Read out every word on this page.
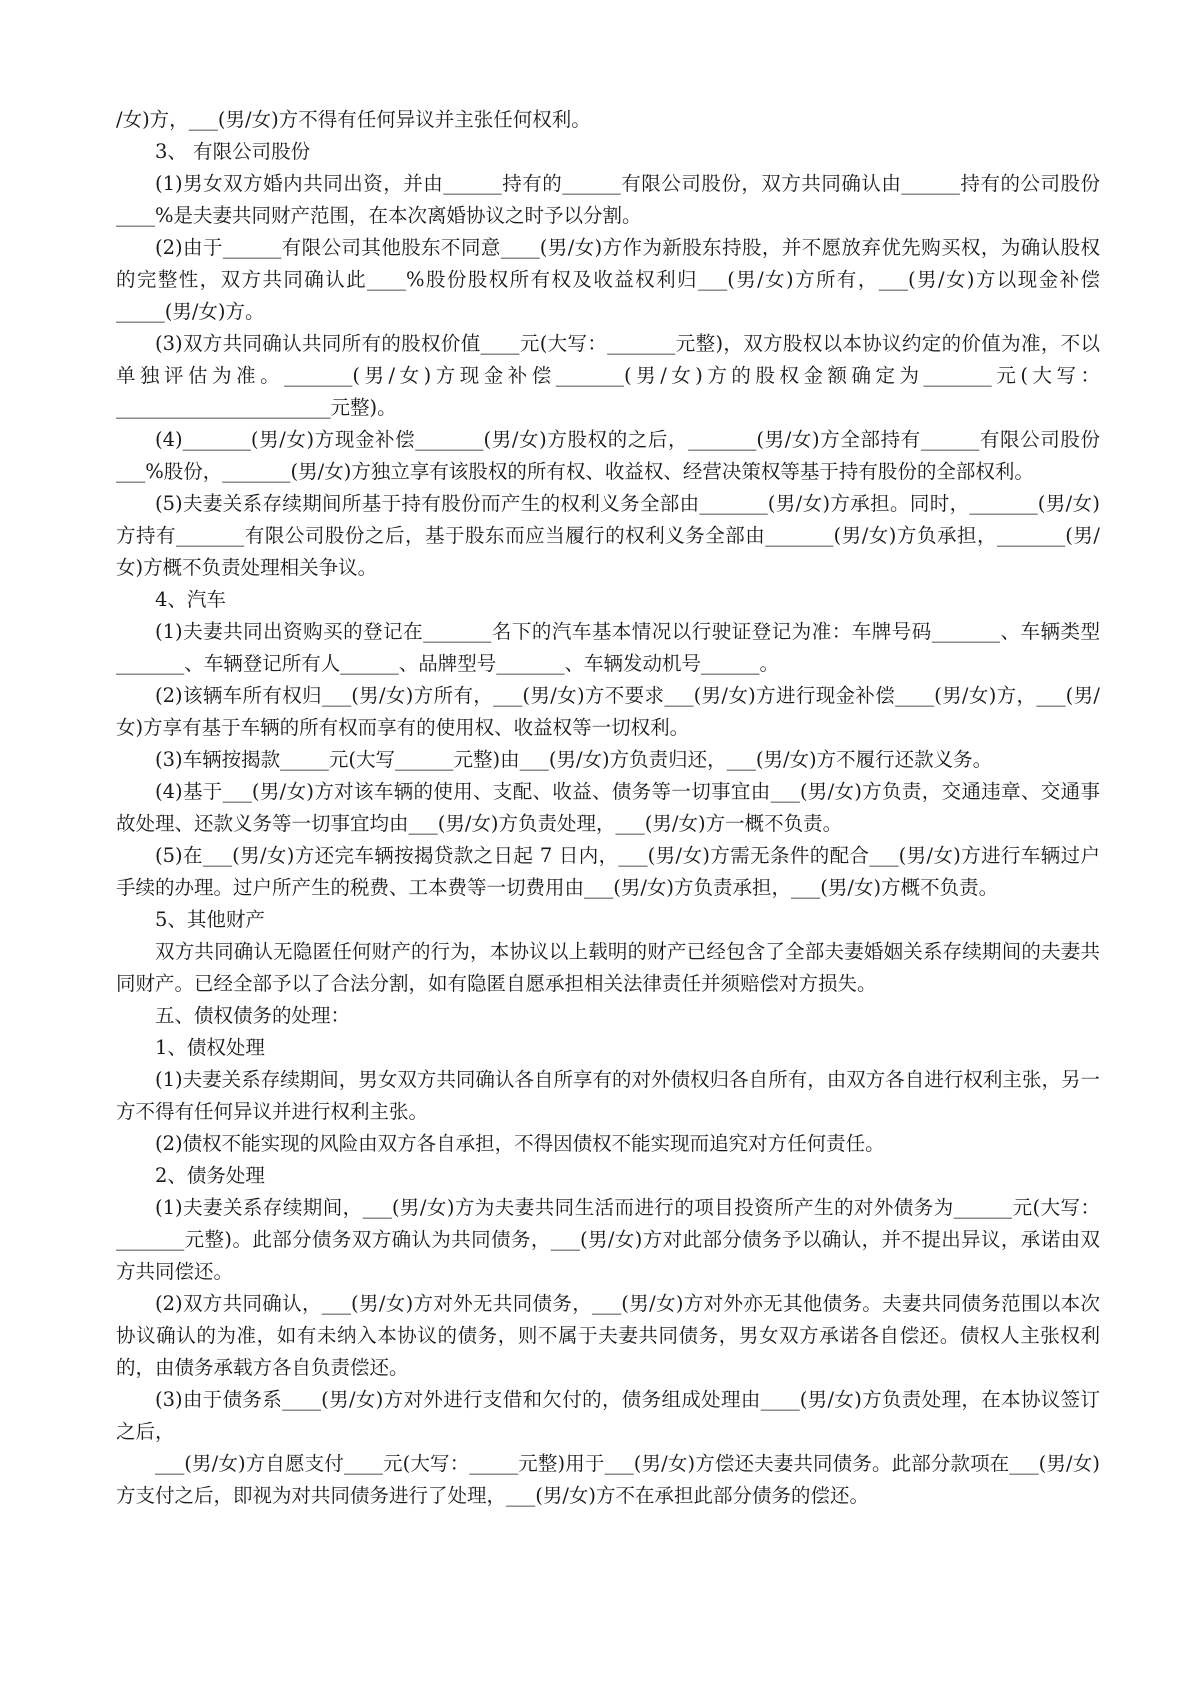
/女)方，___(男/女)方不得有任何异议并主张任何权利。

3、 有限公司股份

(1)男女双方婚内共同出资，并由______持有的______有限公司股份，双方共同确认由______持有的公司股份____%是夫妻共同财产范围，在本次离婚协议之时予以分割。

(2)由于______有限公司其他股东不同意____(男/女)方作为新股东持股，并不愿放弃优先购买权，为确认股权的完整性，双方共同确认此____%股份股权所有权及收益权利归___(男/女)方所有，___(男/女)方以现金补偿_____(男/女)方。

(3)双方共同确认共同所有的股权价值____元(大写：_______元整)，双方股权以本协议约定的价值为准，不以单独评估为准。_______(男/女)方现金补偿_______(男/女)方的股权金额确定为_______元(大写：______________________元整)。

(4)_______(男/女)方现金补偿_______(男/女)方股权的之后，_______(男/女)方全部持有______有限公司股份___%股份，_______(男/女)方独立享有该股权的所有权、收益权、经营决策权等基于持有股份的全部权利。

(5)夫妻关系存续期间所基于持有股份而产生的权利义务全部由_______(男/女)方承担。同时，_______(男/女)方持有_______有限公司股份之后，基于股东而应当履行的权利义务全部由_______(男/女)方负承担，_______(男/女)方概不负责处理相关争议。

4、汽车

(1)夫妻共同出资购买的登记在_______名下的汽车基本情况以行驶证登记为准：车牌号码_______、车辆类型_______、车辆登记所有人______、品牌型号_______、车辆发动机号______。

(2)该辆车所有权归___(男/女)方所有，___(男/女)方不要求___(男/女)方进行现金补偿____(男/女)方，___(男/女)方享有基于车辆的所有权而享有的使用权、收益权等一切权利。

(3)车辆按揭款_____元(大写______元整)由___(男/女)方负责归还，___(男/女)方不履行还款义务。

(4)基于___(男/女)方对该车辆的使用、支配、收益、债务等一切事宜由___(男/女)方负责，交通违章、交通事故处理、还款义务等一切事宜均由___(男/女)方负责处理，___(男/女)方一概不负责。

(5)在___(男/女)方还完车辆按揭贷款之日起 7 日内，___(男/女)方需无条件的配合___(男/女)方进行车辆过户手续的办理。过户所产生的税费、工本费等一切费用由___(男/女)方负责承担，___(男/女)方概不负责。

5、其他财产

双方共同确认无隐匿任何财产的行为，本协议以上载明的财产已经包含了全部夫妻婚姻关系存续期间的夫妻共同财产。已经全部予以了合法分割，如有隐匿自愿承担相关法律责任并须赔偿对方损失。

五、债权债务的处理：

1、债权处理

(1)夫妻关系存续期间，男女双方共同确认各自所享有的对外债权归各自所有，由双方各自进行权利主张，另一方不得有任何异议并进行权利主张。

(2)债权不能实现的风险由双方各自承担，不得因债权不能实现而追究对方任何责任。

2、债务处理

(1)夫妻关系存续期间，___(男/女)方为夫妻共同生活而进行的项目投资所产生的对外债务为______元(大写：_______元整)。此部分债务双方确认为共同债务，___(男/女)方对此部分债务予以确认，并不提出异议，承诺由双方共同偿还。

(2)双方共同确认，___(男/女)方对外无共同债务，___(男/女)方对外亦无其他债务。夫妻共同债务范围以本次协议确认的为准，如有未纳入本协议的债务，则不属于夫妻共同债务，男女双方承诺各自偿还。债权人主张权利的，由债务承载方各自负责偿还。

(3)由于债务系____(男/女)方对外进行支借和欠付的，债务组成处理由____(男/女)方负责处理，在本协议签订之后，

___(男/女)方自愿支付____元(大写：_____元整)用于___(男/女)方偿还夫妻共同债务。此部分款项在___(男/女)方支付之后，即视为对共同债务进行了处理，___(男/女)方不在承担此部分债务的偿还。
